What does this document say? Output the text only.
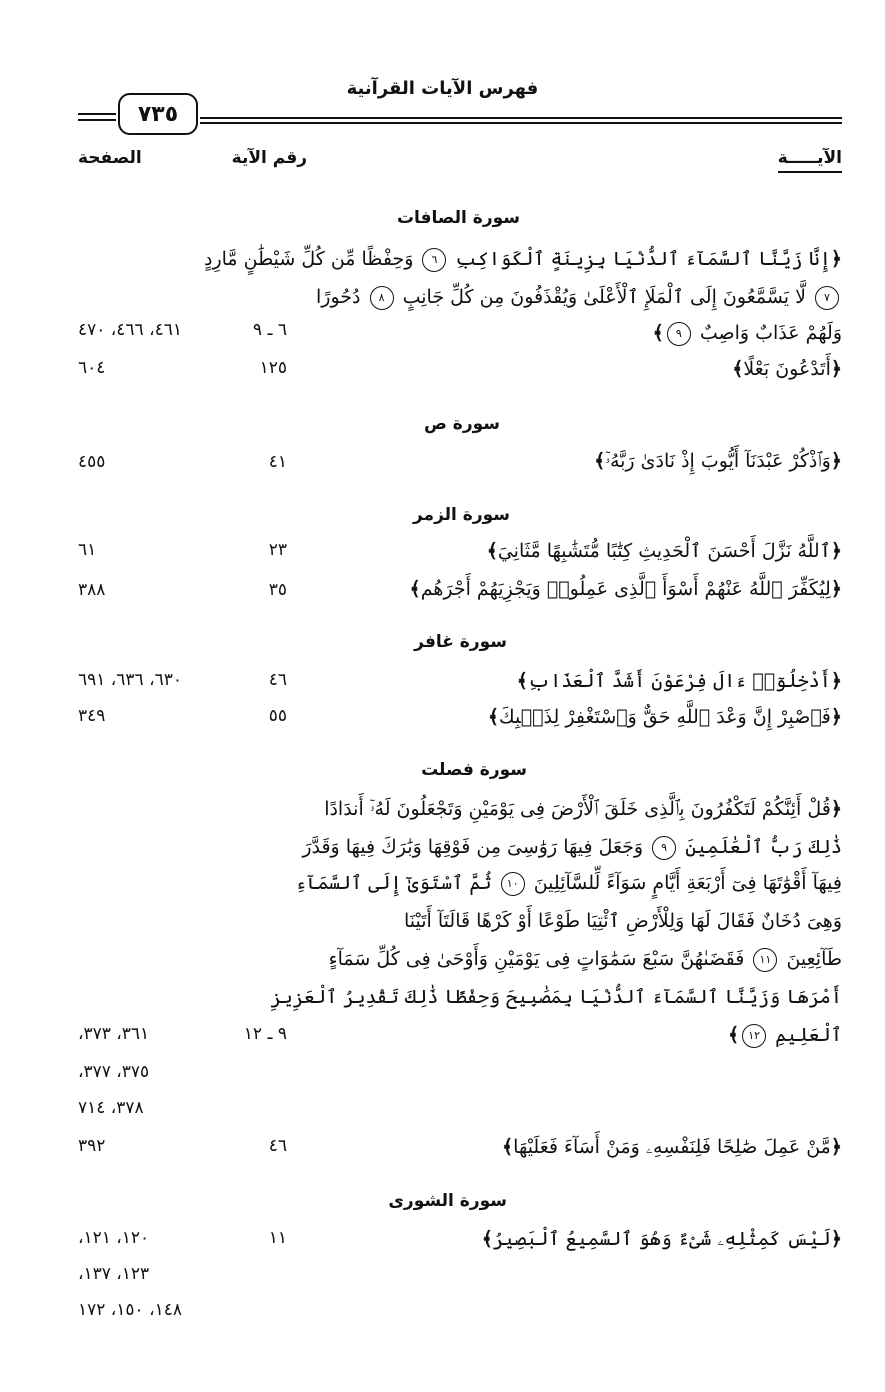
فهرس الآيات القرآنية
٧٣٥
الآيـــــة
رقم الآية
الصفحة
سورة الصافات
سورة ص
سورة الزمر
سورة غافر
سورة فصلت
سورة الشورى
﴿إِنَّا زَيَّنَّا ٱلسَّمَآءَ ٱلدُّنْيَا بِزِينَةٍ ٱلْكَوَاكِبِ ٦ وَحِفْظًا مِّن كُلِّ شَيْطَٰنٍ مَّارِدٍ
٧ لَّا يَسَّمَّعُونَ إِلَى ٱلْمَلَإِ ٱلْأَعْلَىٰ وَيُقْذَفُونَ مِن كُلِّ جَانِبٍ ٨ دُحُورًا
وَلَهُمْ عَذَابٌ وَاصِبٌ ٩﴾
﴿أَتَدْعُونَ بَعْلًا﴾
﴿وَٱذْكُرْ عَبْدَنَآ أَيُّوبَ إِذْ نَادَىٰ رَبَّهُۥٓ﴾
﴿ٱللَّهُ نَزَّلَ أَحْسَنَ ٱلْحَدِيثِ كِتَٰبًا مُّتَشَٰبِهًا مَّثَانِيَ﴾
﴿لِيُكَفِّرَ ٱللَّهُ عَنْهُمْ أَسْوَأَ ٱلَّذِى عَمِلُوا۟ وَيَجْزِيَهُمْ أَجْرَهُم﴾
﴿أَدْخِلُوٓا۟ ءَالَ فِرْعَوْنَ أَشَدَّ ٱلْعَذَابِ﴾
﴿فَٱصْبِرْ إِنَّ وَعْدَ ٱللَّهِ حَقٌّ وَٱسْتَغْفِرْ لِذَنۢبِكَ﴾
﴿قُلْ أَئِنَّكُمْ لَتَكْفُرُونَ بِٱلَّذِى خَلَقَ ٱلْأَرْضَ فِى يَوْمَيْنِ وَتَجْعَلُونَ لَهُۥٓ أَندَادًا
ذَٰلِكَ رَبُّ ٱلْعَٰلَمِينَ ٩ وَجَعَلَ فِيهَا رَوَٰسِىَ مِن فَوْقِهَا وَبَٰرَكَ فِيهَا وَقَدَّرَ
فِيهَآ أَقْوَٰتَهَا فِىٓ أَرْبَعَةِ أَيَّامٍ سَوَآءً لِّلسَّآئِلِينَ ١٠ ثُمَّ ٱسْتَوَىٰٓ إِلَى ٱلسَّمَآءِ
وَهِىَ دُخَانٌ فَقَالَ لَهَا وَلِلْأَرْضِ ٱئْتِيَا طَوْعًا أَوْ كَرْهًا قَالَتَآ أَتَيْنَا
طَآئِعِينَ ١١ فَقَضَىٰهُنَّ سَبْعَ سَمَٰوَاتٍ فِى يَوْمَيْنِ وَأَوْحَىٰ فِى كُلِّ سَمَآءٍ
أَمْرَهَا وَزَيَّنَّا ٱلسَّمَآءَ ٱلدُّنْيَا بِمَصَٰبِيحَ وَحِفْظًا ذَٰلِكَ تَقْدِيرُ ٱلْعَزِيزِ
ٱلْعَلِيمِ ١٢﴾
﴿مَّنْ عَمِلَ صَٰلِحًا فَلِنَفْسِهِۦ وَمَنْ أَسَآءَ فَعَلَيْهَا﴾
﴿لَيْسَ كَمِثْلِهِۦ شَىْءٌ وَهُوَ ٱلسَّمِيعُ ٱلْبَصِيرُ﴾
٦ ـ ٩
١٢٥
٤١
٢٣
٣٥
٤٦
٥٥
٩ ـ ١٢
٤٦
١١
٤٦١، ٤٦٦، ٤٧٠
٦٠٤
٤٥٥
٦١
٣٨٨
٦٣٠، ٦٣٦، ٦٩١
٣٤٩
٣٦١، ٣٧٣،
٣٧٥، ٣٧٧،
٣٧٨، ٧١٤
٣٩٢
١٢٠، ١٢١،
١٢٣، ١٣٧،
١٤٨، ١٥٠، ١٧٢
